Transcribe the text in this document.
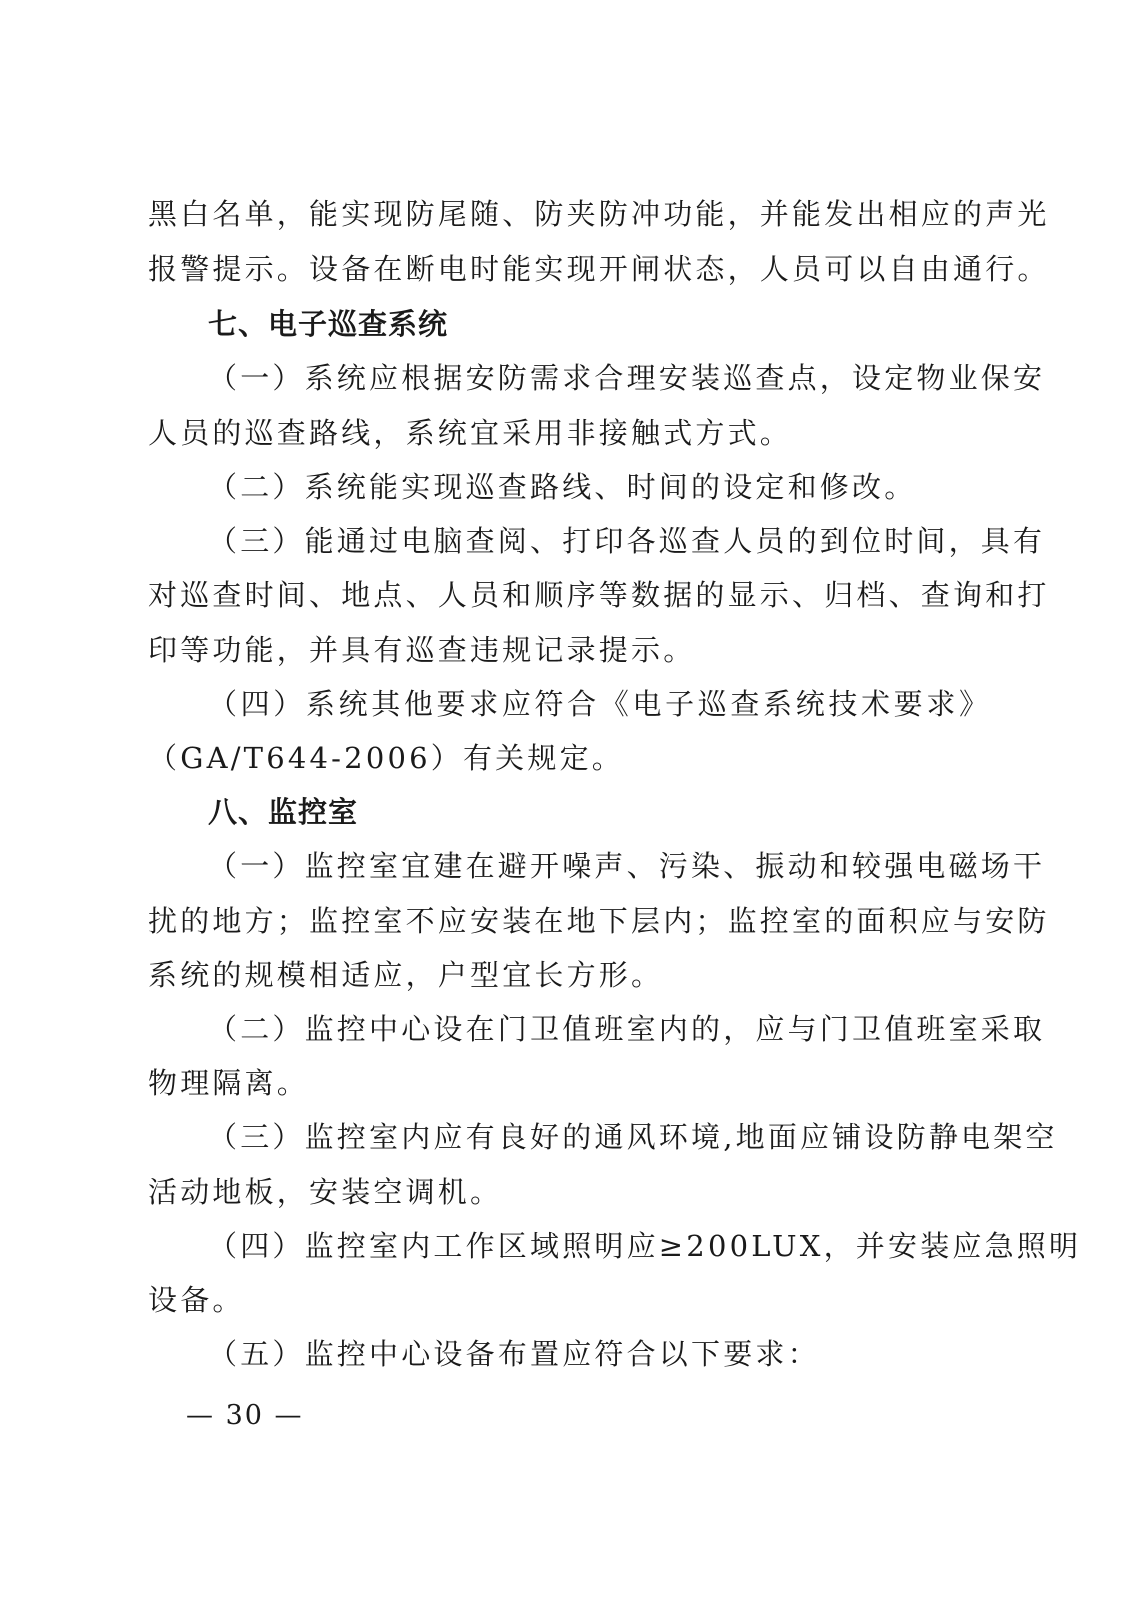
黑白名单，能实现防尾随、防夹防冲功能，并能发出相应的声光
报警提示。设备在断电时能实现开闸状态，人员可以自由通行。
七、电子巡查系统
（一）系统应根据安防需求合理安装巡查点，设定物业保安
人员的巡查路线，系统宜采用非接触式方式。
（二）系统能实现巡查路线、时间的设定和修改。
（三）能通过电脑查阅、打印各巡查人员的到位时间，具有
对巡查时间、地点、人员和顺序等数据的显示、归档、查询和打
印等功能，并具有巡查违规记录提示。
（四）系统其他要求应符合《电子巡查系统技术要求》
（GA/T644-2006）有关规定。
八、监控室
（一）监控室宜建在避开噪声、污染、振动和较强电磁场干
扰的地方；监控室不应安装在地下层内；监控室的面积应与安防
系统的规模相适应，户型宜长方形。
（二）监控中心设在门卫值班室内的，应与门卫值班室采取
物理隔离。
（三）监控室内应有良好的通风环境,地面应铺设防静电架空
活动地板，安装空调机。
（四）监控室内工作区域照明应≥200LUX，并安装应急照明
设备。
（五）监控中心设备布置应符合以下要求：
— 30 —
